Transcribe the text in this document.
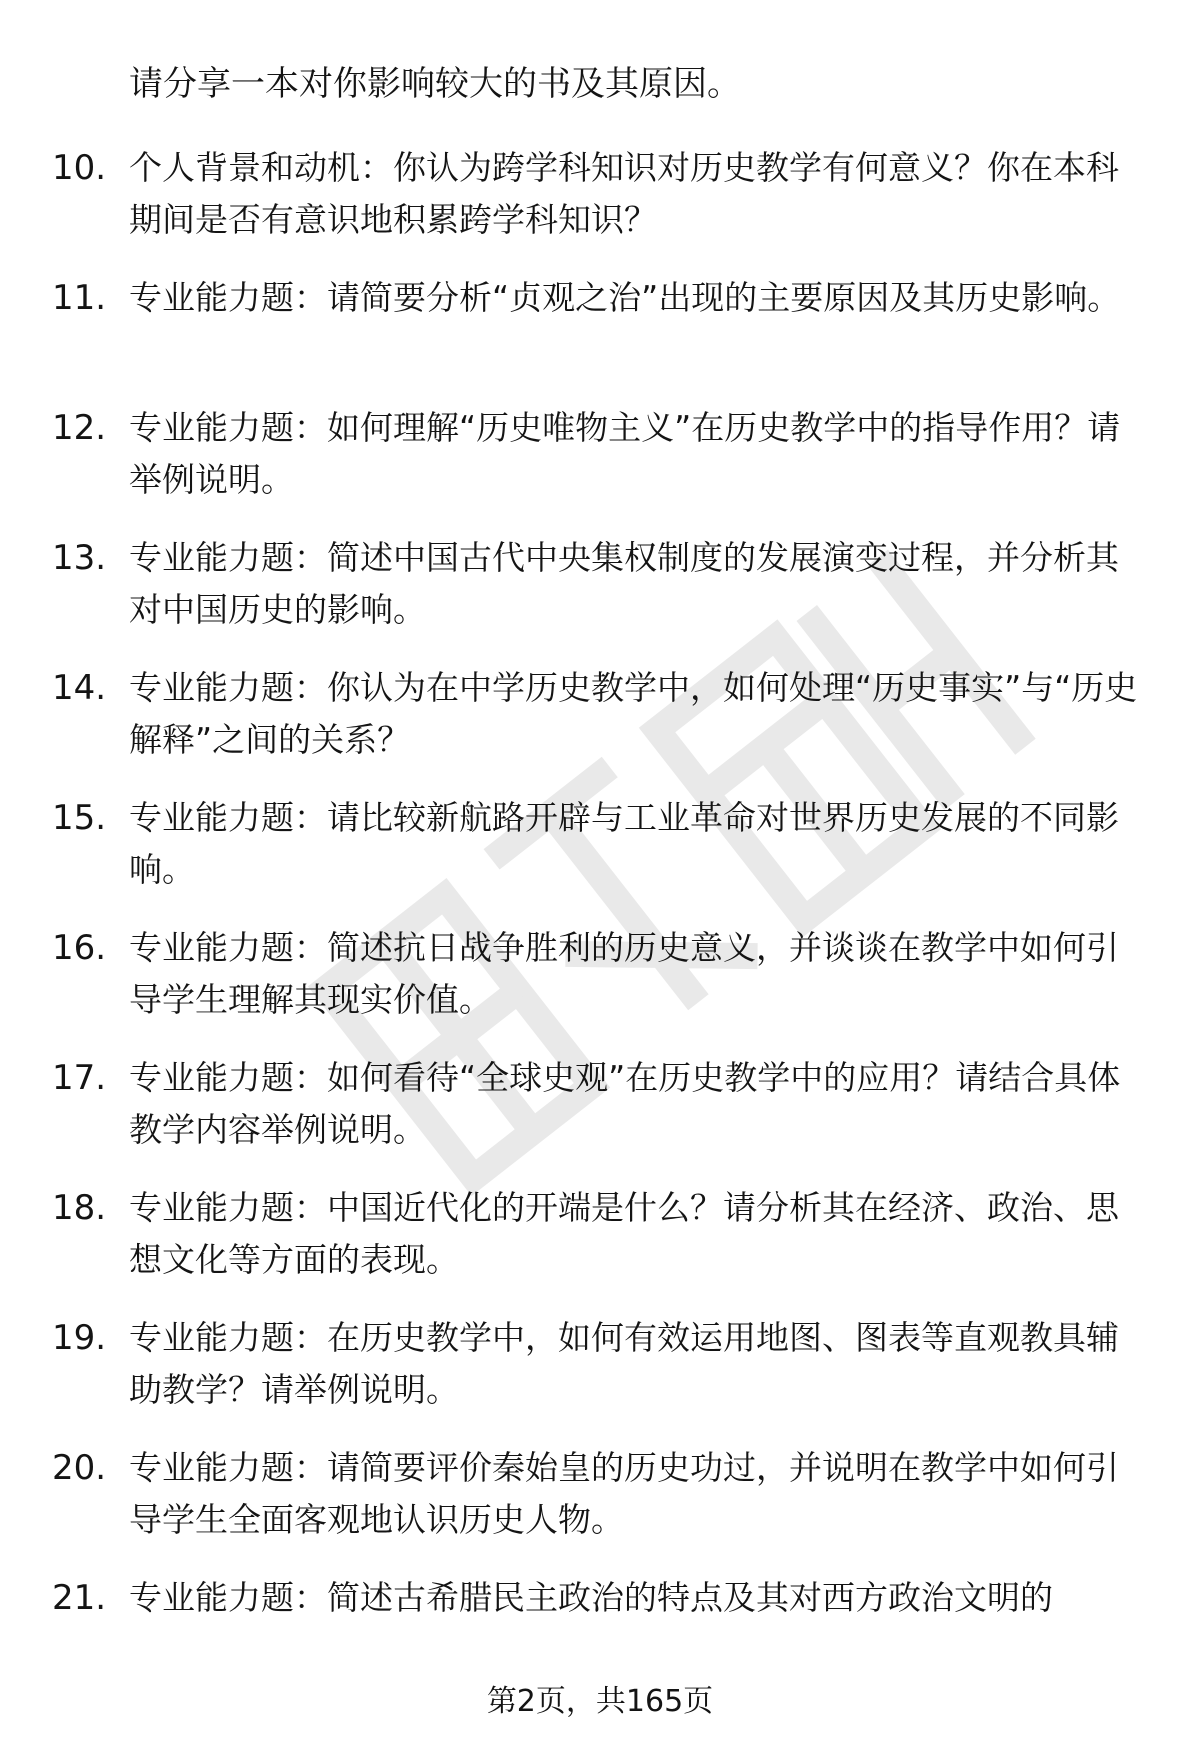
请分享一本对你影响较大的书及其原因。
10. 个人背景和动机：你认为跨学科知识对历史教学有何意义？你在本科期间是否有意识地积累跨学科知识？
11. 专业能力题：请简要分析“贞观之治”出现的主要原因及其历史影响。
12. 专业能力题：如何理解“历史唯物主义”在历史教学中的指导作用？请举例说明。
13. 专业能力题：简述中国古代中央集权制度的发展演变过程，并分析其对中国历史的影响。
14. 专业能力题：你认为在中学历史教学中，如何处理“历史事实”与“历史解释”之间的关系？
15. 专业能力题：请比较新航路开辟与工业革命对世界历史发展的不同影响。
16. 专业能力题：简述抗日战争胜利的历史意义，并谈谈在教学中如何引导学生理解其现实价值。
17. 专业能力题：如何看待“全球史观”在历史教学中的应用？请结合具体教学内容举例说明。
18. 专业能力题：中国近代化的开端是什么？请分析其在经济、政治、思想文化等方面的表现。
19. 专业能力题：在历史教学中，如何有效运用地图、图表等直观教具辅助教学？请举例说明。
20. 专业能力题：请简要评价秦始皇的历史功过，并说明在教学中如何引导学生全面客观地认识历史人物。
21. 专业能力题：简述古希腊民主政治的特点及其对西方政治文明的
第2页，共165页
